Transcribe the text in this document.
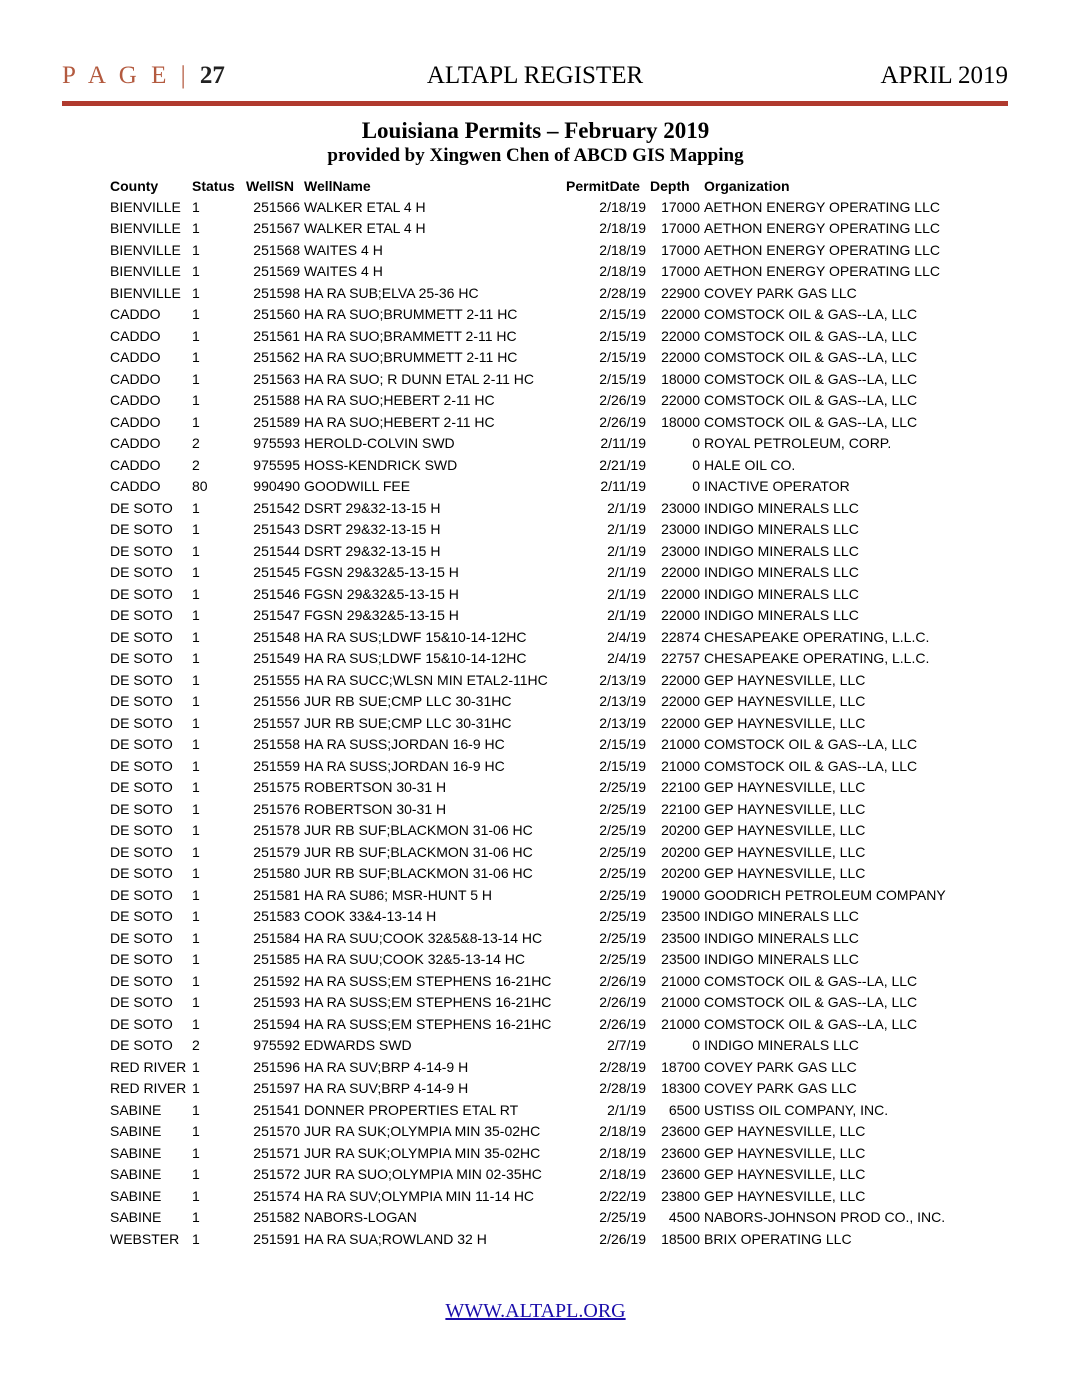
P A G E | 27	ALTAPL REGISTER	APRIL 2019
Louisiana Permits – February 2019
provided by Xingwen Chen of ABCD GIS Mapping
County	Status	WellSN	WellName	PermitDate	Depth	Organization
BIENVILLE	1	251566	WALKER ETAL 4 H	2/18/19	17000	AETHON ENERGY OPERATING LLC
BIENVILLE	1	251567	WALKER ETAL 4 H	2/18/19	17000	AETHON ENERGY OPERATING LLC
BIENVILLE	1	251568	WAITES 4 H	2/18/19	17000	AETHON ENERGY OPERATING LLC
BIENVILLE	1	251569	WAITES 4 H	2/18/19	17000	AETHON ENERGY OPERATING LLC
BIENVILLE	1	251598	HA RA SUB;ELVA 25-36 HC	2/28/19	22900	COVEY PARK GAS LLC
CADDO	1	251560	HA RA SUO;BRUMMETT 2-11 HC	2/15/19	22000	COMSTOCK OIL & GAS--LA, LLC
CADDO	1	251561	HA RA SUO;BRAMMETT 2-11 HC	2/15/19	22000	COMSTOCK OIL & GAS--LA, LLC
CADDO	1	251562	HA RA SUO;BRUMMETT 2-11 HC	2/15/19	22000	COMSTOCK OIL & GAS--LA, LLC
CADDO	1	251563	HA RA SUO; R DUNN ETAL 2-11 HC	2/15/19	18000	COMSTOCK OIL & GAS--LA, LLC
CADDO	1	251588	HA RA SUO;HEBERT 2-11 HC	2/26/19	22000	COMSTOCK OIL & GAS--LA, LLC
CADDO	1	251589	HA RA SUO;HEBERT 2-11 HC	2/26/19	18000	COMSTOCK OIL & GAS--LA, LLC
CADDO	2	975593	HEROLD-COLVIN SWD	2/11/19	0	ROYAL PETROLEUM, CORP.
CADDO	2	975595	HOSS-KENDRICK SWD	2/21/19	0	HALE OIL CO.
CADDO	80	990490	GOODWILL FEE	2/11/19	0	INACTIVE OPERATOR
DE SOTO	1	251542	DSRT 29&32-13-15 H	2/1/19	23000	INDIGO MINERALS LLC
DE SOTO	1	251543	DSRT 29&32-13-15 H	2/1/19	23000	INDIGO MINERALS LLC
DE SOTO	1	251544	DSRT 29&32-13-15 H	2/1/19	23000	INDIGO MINERALS LLC
DE SOTO	1	251545	FGSN 29&32&5-13-15 H	2/1/19	22000	INDIGO MINERALS LLC
DE SOTO	1	251546	FGSN 29&32&5-13-15 H	2/1/19	22000	INDIGO MINERALS LLC
DE SOTO	1	251547	FGSN 29&32&5-13-15 H	2/1/19	22000	INDIGO MINERALS LLC
DE SOTO	1	251548	HA RA SUS;LDWF 15&10-14-12HC	2/4/19	22874	CHESAPEAKE OPERATING, L.L.C.
DE SOTO	1	251549	HA RA SUS;LDWF 15&10-14-12HC	2/4/19	22757	CHESAPEAKE OPERATING, L.L.C.
DE SOTO	1	251555	HA RA SUCC;WLSN MIN ETAL2-11HC	2/13/19	22000	GEP HAYNESVILLE, LLC
DE SOTO	1	251556	JUR RB SUE;CMP LLC 30-31HC	2/13/19	22000	GEP HAYNESVILLE, LLC
DE SOTO	1	251557	JUR RB SUE;CMP LLC 30-31HC	2/13/19	22000	GEP HAYNESVILLE, LLC
DE SOTO	1	251558	HA RA SUSS;JORDAN 16-9 HC	2/15/19	21000	COMSTOCK OIL & GAS--LA, LLC
DE SOTO	1	251559	HA RA SUSS;JORDAN 16-9 HC	2/15/19	21000	COMSTOCK OIL & GAS--LA, LLC
DE SOTO	1	251575	ROBERTSON 30-31 H	2/25/19	22100	GEP HAYNESVILLE, LLC
DE SOTO	1	251576	ROBERTSON 30-31 H	2/25/19	22100	GEP HAYNESVILLE, LLC
DE SOTO	1	251578	JUR RB SUF;BLACKMON 31-06 HC	2/25/19	20200	GEP HAYNESVILLE, LLC
DE SOTO	1	251579	JUR RB SUF;BLACKMON 31-06 HC	2/25/19	20200	GEP HAYNESVILLE, LLC
DE SOTO	1	251580	JUR RB SUF;BLACKMON 31-06 HC	2/25/19	20200	GEP HAYNESVILLE, LLC
DE SOTO	1	251581	HA RA SU86; MSR-HUNT 5 H	2/25/19	19000	GOODRICH PETROLEUM COMPANY
DE SOTO	1	251583	COOK 33&4-13-14 H	2/25/19	23500	INDIGO MINERALS LLC
DE SOTO	1	251584	HA RA SUU;COOK 32&5&8-13-14 HC	2/25/19	23500	INDIGO MINERALS LLC
DE SOTO	1	251585	HA RA SUU;COOK 32&5-13-14 HC	2/25/19	23500	INDIGO MINERALS LLC
DE SOTO	1	251592	HA RA SUSS;EM STEPHENS 16-21HC	2/26/19	21000	COMSTOCK OIL & GAS--LA, LLC
DE SOTO	1	251593	HA RA SUSS;EM STEPHENS 16-21HC	2/26/19	21000	COMSTOCK OIL & GAS--LA, LLC
DE SOTO	1	251594	HA RA SUSS;EM STEPHENS 16-21HC	2/26/19	21000	COMSTOCK OIL & GAS--LA, LLC
DE SOTO	2	975592	EDWARDS SWD	2/7/19	0	INDIGO MINERALS LLC
RED RIVER	1	251596	HA RA SUV;BRP 4-14-9 H	2/28/19	18700	COVEY PARK GAS LLC
RED RIVER	1	251597	HA RA SUV;BRP 4-14-9 H	2/28/19	18300	COVEY PARK GAS LLC
SABINE	1	251541	DONNER PROPERTIES ETAL RT	2/1/19	6500	USTISS OIL COMPANY, INC.
SABINE	1	251570	JUR RA SUK;OLYMPIA MIN 35-02HC	2/18/19	23600	GEP HAYNESVILLE, LLC
SABINE	1	251571	JUR RA SUK;OLYMPIA MIN 35-02HC	2/18/19	23600	GEP HAYNESVILLE, LLC
SABINE	1	251572	JUR RA SUO;OLYMPIA MIN 02-35HC	2/18/19	23600	GEP HAYNESVILLE, LLC
SABINE	1	251574	HA RA SUV;OLYMPIA MIN 11-14 HC	2/22/19	23800	GEP HAYNESVILLE, LLC
SABINE	1	251582	NABORS-LOGAN	2/25/19	4500	NABORS-JOHNSON PROD CO., INC.
WEBSTER	1	251591	HA RA SUA;ROWLAND 32 H	2/26/19	18500	BRIX OPERATING LLC
WWW.ALTAPL.ORG
